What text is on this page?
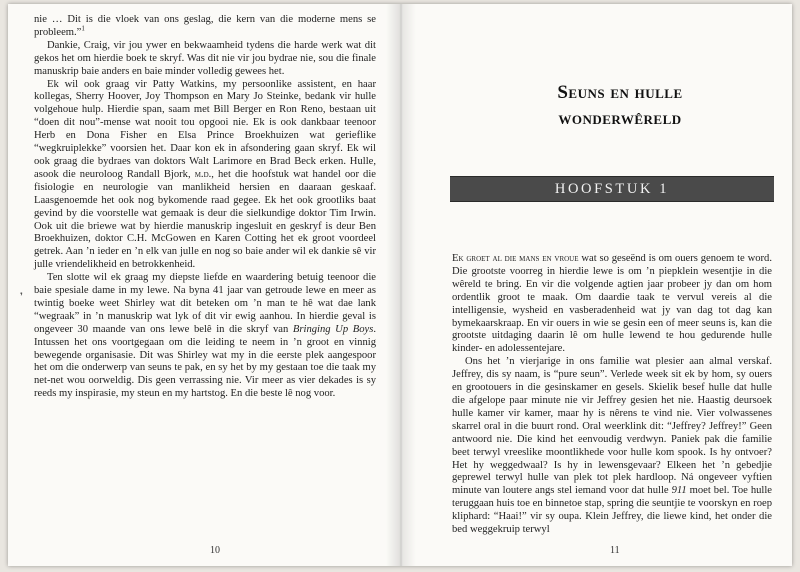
nie … Dit is die vloek van ons geslag, die kern van die moderne mens se probleem.”$^1$

Dankie, Craig, vir jou ywer en bekwaamheid tydens die harde werk wat dit gekos het om hierdie boek te skryf. Was dit nie vir jou bydrae nie, sou die finale manuskrip baie anders en baie minder volledig gewees het.

Ek wil ook graag vir Patty Watkins, my persoonlike assistent, en haar kollegas, Sherry Hoover, Joy Thompson en Mary Jo Steinke, bedank vir hulle volgehoue hulp. Hierdie span, saam met Bill Berger en Ron Reno, bestaan uit “doen dit nou”-mense wat nooit tou opgooi nie. Ek is ook dankbaar teenoor Herb en Dona Fisher en Elsa Prince Broekhuizen wat gerieflike “wegkruiplekke” voorsien het. Daar kon ek in afsondering gaan skryf. Ek wil ook graag die bydraes van doktors Walt Larimore en Brad Beck erken. Hulle, asook die neuroloog Randall Bjork, m.d., het die hoofstuk wat handel oor die fisiologie en neurologie van manlikheid hersien en daaraan geskaaf. Laasgenoemde het ook nog bykomende raad gegee. Ek het ook grootliks baat gevind by die voorstelle wat gemaak is deur die sielkundige doktor Tim Irwin. Ook uit die briewe wat by hierdie manuskrip ingesluit en geskryf is deur Ben Broekhuizen, doktor C.H. McGowen en Karen Cotting het ek groot voordeel getrek. Aan ’n ieder en ’n elk van julle en nog so baie ander wil ek dankie sê vir julle vriendelikheid en betrokkenheid.

Ten slotte wil ek graag my diepste liefde en waardering betuig teenoor die baie spesiale dame in my lewe. Na byna 41 jaar van getroude lewe en meer as twintig boeke weet Shirley wat dit beteken om ’n man te hê wat dae lank “wegraak” in ’n manuskrip wat lyk of dit vir ewig aanhou. In hierdie geval is ongeveer 30 maande van ons lewe belê in die skryf van Bringing Up Boys. Intussen het ons voortgegaan om die leiding te neem in ’n groot en vinnig bewegende organisasie. Dit was Shirley wat my in die eerste plek aangespoor het om die onderwerp van seuns te pak, en sy het by my gestaan toe die taak my net-net wou oorweldig. Dis geen verrassing nie. Vir meer as vier dekades is sy reeds my inspirasie, my steun en my hartstog. En die beste lê nog voor.

❜
10
Seuns en hulle
wonderwêreld
HOOFSTUK 1

Ek groet al die mans en vroue wat so geseënd is om ouers genoem te word. Die grootste voorreg in hierdie lewe is om ’n piepklein wesentjie in die wêreld te bring. En vir die volgende agtien jaar probeer jy dan om hom ordentlik groot te maak. Om daardie taak te vervul vereis al die intelligensie, wysheid en vasberadenheid wat jy van dag tot dag kan bymekaarskraap. En vir ouers in wie se gesin een of meer seuns is, kan die grootste uitdaging daarin lê om hulle lewend te hou gedurende hulle kinder- en adolessentejare.

Ons het ’n vierjarige in ons familie wat plesier aan almal verskaf. Jeffrey, dis sy naam, is “pure seun”. Verlede week sit ek by hom, sy ouers en grootouers in die gesinskamer en gesels. Skielik besef hulle dat hulle die afgelope paar minute nie vir Jeffrey gesien het nie. Haastig deursoek hulle kamer vir kamer, maar hy is nêrens te vind nie. Vier volwassenes skarrel oral in die buurt rond. Oral weerklink dit: “Jeffrey? Jeffrey!” Geen antwoord nie. Die kind het eenvoudig verdwyn. Paniek pak die familie beet terwyl vreeslike moontlikhede voor hulle kom spook. Is hy ontvoer? Het hy weggedwaal? Is hy in lewensgevaar? Elkeen het ’n gebedjie geprewel terwyl hulle van plek tot plek hardloop. Ná ongeveer vyftien minute van loutere angs stel iemand voor dat hulle 911 moet bel. Toe hulle teruggaan huis toe en binnetoe stap, spring die seuntjie te voorskyn en roep kliphard: “Haai!” vir sy oupa. Klein Jeffrey, die liewe kind, het onder die bed weggekruip terwyl

11
